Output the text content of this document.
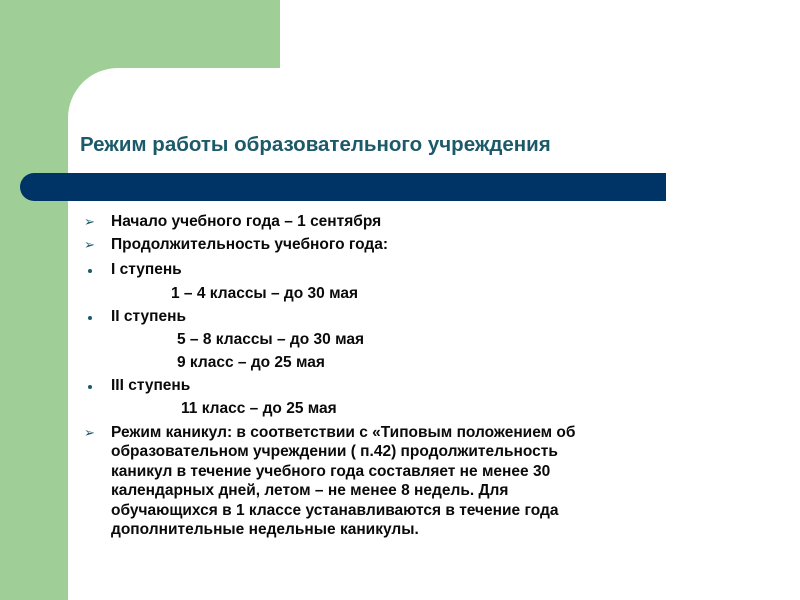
Режим работы образовательного учреждения
➢ Начало учебного года – 1 сентября
➢ Продолжительность учебного года:
I ступень
1 – 4 классы – до 30 мая
II ступень
5 – 8 классы – до 30 мая
9 класс – до 25 мая
III ступень
11 класс – до 25 мая
➢ Режим каникул: в соответствии с «Типовым положением об
образовательном учреждении ( п.42) продолжительность
каникул в течение учебного года составляет не менее 30
календарных дней, летом – не менее 8 недель. Для
обучающихся в 1 классе устанавливаются в течение года
дополнительные недельные каникулы.
